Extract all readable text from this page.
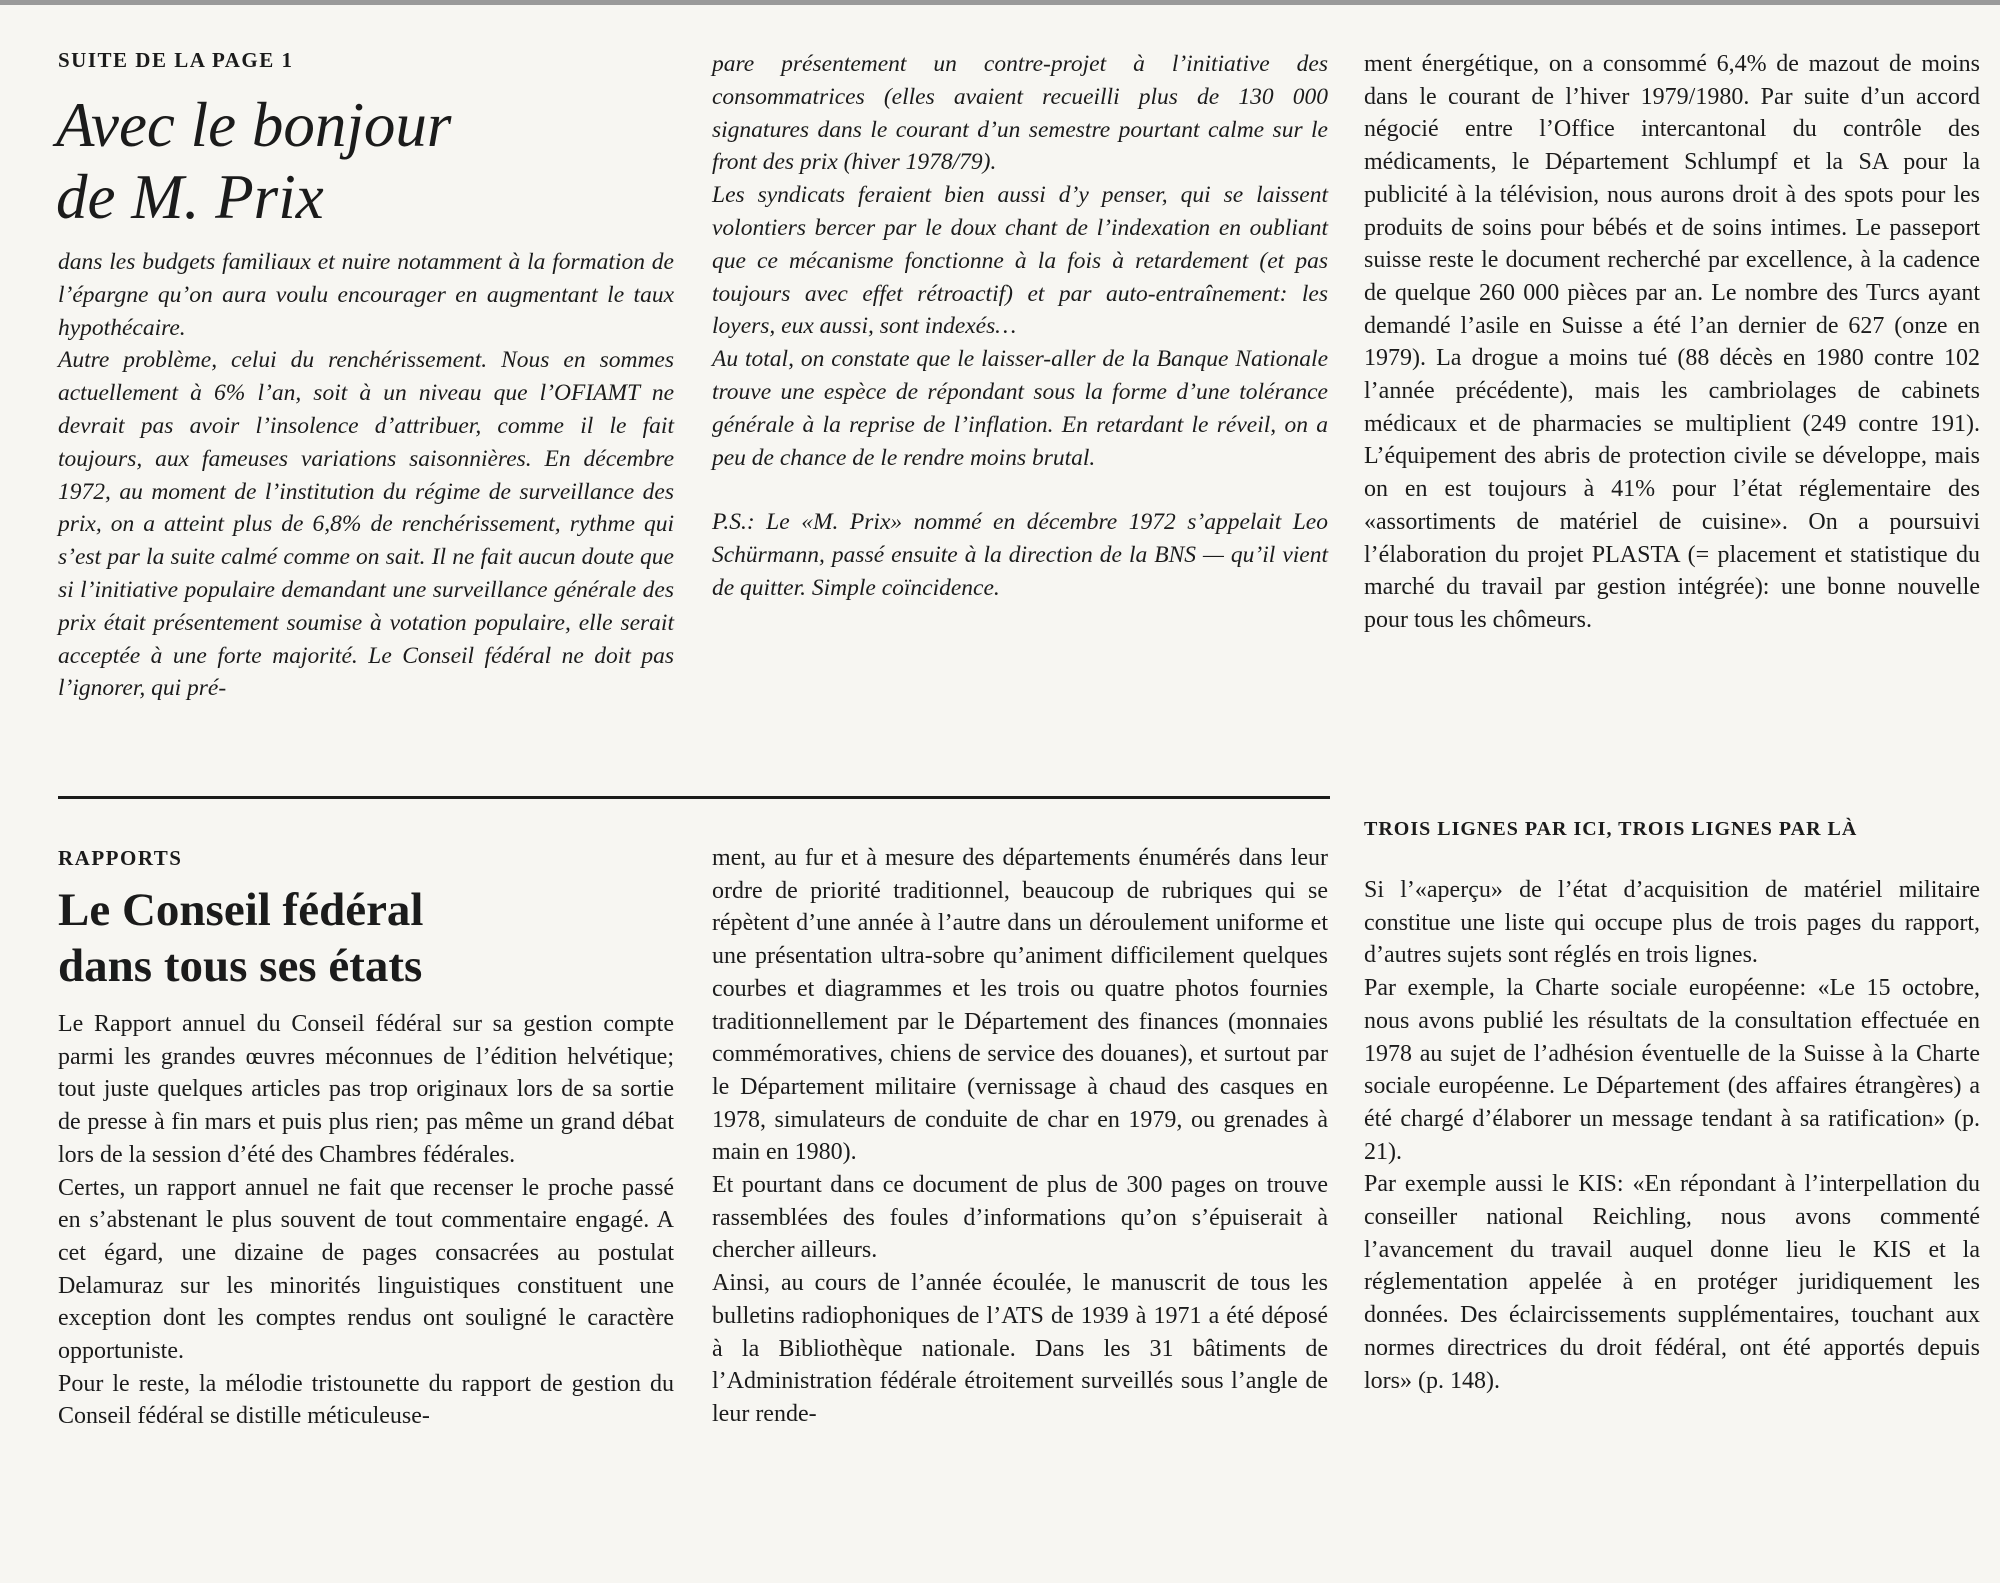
SUITE DE LA PAGE 1
Avec le bonjour
de M. Prix

dans les budgets familiaux et nuire notamment à la formation de l’épargne qu’on aura voulu encourager en augmentant le taux hypothécaire.

Autre problème, celui du renchérissement. Nous en sommes actuellement à 6% l’an, soit à un niveau que l’OFIAMT ne devrait pas avoir l’insolence d’attribuer, comme il le fait toujours, aux fameuses variations saisonnières. En décembre 1972, au moment de l’institution du régime de surveillance des prix, on a atteint plus de 6,8% de renchérissement, rythme qui s’est par la suite calmé comme on sait. Il ne fait aucun doute que si l’initiative populaire demandant une surveillance générale des prix était présentement soumise à votation populaire, elle serait acceptée à une forte majorité. Le Conseil fédéral ne doit pas l’ignorer, qui pré-

pare présentement un contre-projet à l’initiative des consommatrices (elles avaient recueilli plus de 130 000 signatures dans le courant d’un semestre pourtant calme sur le front des prix (hiver 1978/79).

Les syndicats feraient bien aussi d’y penser, qui se laissent volontiers bercer par le doux chant de l’indexation en oubliant que ce mécanisme fonctionne à la fois à retardement (et pas toujours avec effet rétroactif) et par auto-entraînement: les loyers, eux aussi, sont indexés…

Au total, on constate que le laisser-aller de la Banque Nationale trouve une espèce de répondant sous la forme d’une tolérance générale à la reprise de l’inflation. En retardant le réveil, on a peu de chance de le rendre moins brutal.

P.S.: Le «M. Prix» nommé en décembre 1972 s’appelait Leo Schürmann, passé ensuite à la direction de la BNS — qu’il vient de quitter. Simple coïncidence.

ment énergétique, on a consommé 6,4% de mazout de moins dans le courant de l’hiver 1979/1980. Par suite d’un accord négocié entre l’Office intercantonal du contrôle des médicaments, le Département Schlumpf et la SA pour la publicité à la télévision, nous aurons droit à des spots pour les produits de soins pour bébés et de soins intimes. Le passeport suisse reste le document recherché par excellence, à la cadence de quelque 260 000 pièces par an. Le nombre des Turcs ayant demandé l’asile en Suisse a été l’an dernier de 627 (onze en 1979). La drogue a moins tué (88 décès en 1980 contre 102 l’année précédente), mais les cambriolages de cabinets médicaux et de pharmacies se multiplient (249 contre 191). L’équipement des abris de protection civile se développe, mais on en est toujours à 41% pour l’état réglementaire des «assortiments de matériel de cuisine». On a poursuivi l’élaboration du projet PLASTA (= placement et statistique du marché du travail par gestion intégrée): une bonne nouvelle pour tous les chômeurs.

RAPPORTS
Le Conseil fédéral
dans tous ses états

Le Rapport annuel du Conseil fédéral sur sa gestion compte parmi les grandes œuvres méconnues de l’édition helvétique; tout juste quelques articles pas trop originaux lors de sa sortie de presse à fin mars et puis plus rien; pas même un grand débat lors de la session d’été des Chambres fédérales.

Certes, un rapport annuel ne fait que recenser le proche passé en s’abstenant le plus souvent de tout commentaire engagé. A cet égard, une dizaine de pages consacrées au postulat Delamuraz sur les minorités linguistiques constituent une exception dont les comptes rendus ont souligné le caractère opportuniste.

Pour le reste, la mélodie tristounette du rapport de gestion du Conseil fédéral se distille méticuleuse-

ment, au fur et à mesure des départements énumérés dans leur ordre de priorité traditionnel, beaucoup de rubriques qui se répètent d’une année à l’autre dans un déroulement uniforme et une présentation ultra-sobre qu’animent difficilement quelques courbes et diagrammes et les trois ou quatre photos fournies traditionnellement par le Département des finances (monnaies commémoratives, chiens de service des douanes), et surtout par le Département militaire (vernissage à chaud des casques en 1978, simulateurs de conduite de char en 1979, ou grenades à main en 1980).

Et pourtant dans ce document de plus de 300 pages on trouve rassemblées des foules d’informations qu’on s’épuiserait à chercher ailleurs.

Ainsi, au cours de l’année écoulée, le manuscrit de tous les bulletins radiophoniques de l’ATS de 1939 à 1971 a été déposé à la Bibliothèque nationale. Dans les 31 bâtiments de l’Administration fédérale étroitement surveillés sous l’angle de leur rende-

TROIS LIGNES PAR ICI, TROIS LIGNES PAR LÀ

Si l’«aperçu» de l’état d’acquisition de matériel militaire constitue une liste qui occupe plus de trois pages du rapport, d’autres sujets sont réglés en trois lignes.

Par exemple, la Charte sociale européenne: «Le 15 octobre, nous avons publié les résultats de la consultation effectuée en 1978 au sujet de l’adhésion éventuelle de la Suisse à la Charte sociale européenne. Le Département (des affaires étrangères) a été chargé d’élaborer un message tendant à sa ratification» (p. 21).

Par exemple aussi le KIS: «En répondant à l’interpellation du conseiller national Reichling, nous avons commenté l’avancement du travail auquel donne lieu le KIS et la réglementation appelée à en protéger juridiquement les données. Des éclaircissements supplémentaires, touchant aux normes directrices du droit fédéral, ont été apportés depuis lors» (p. 148).
